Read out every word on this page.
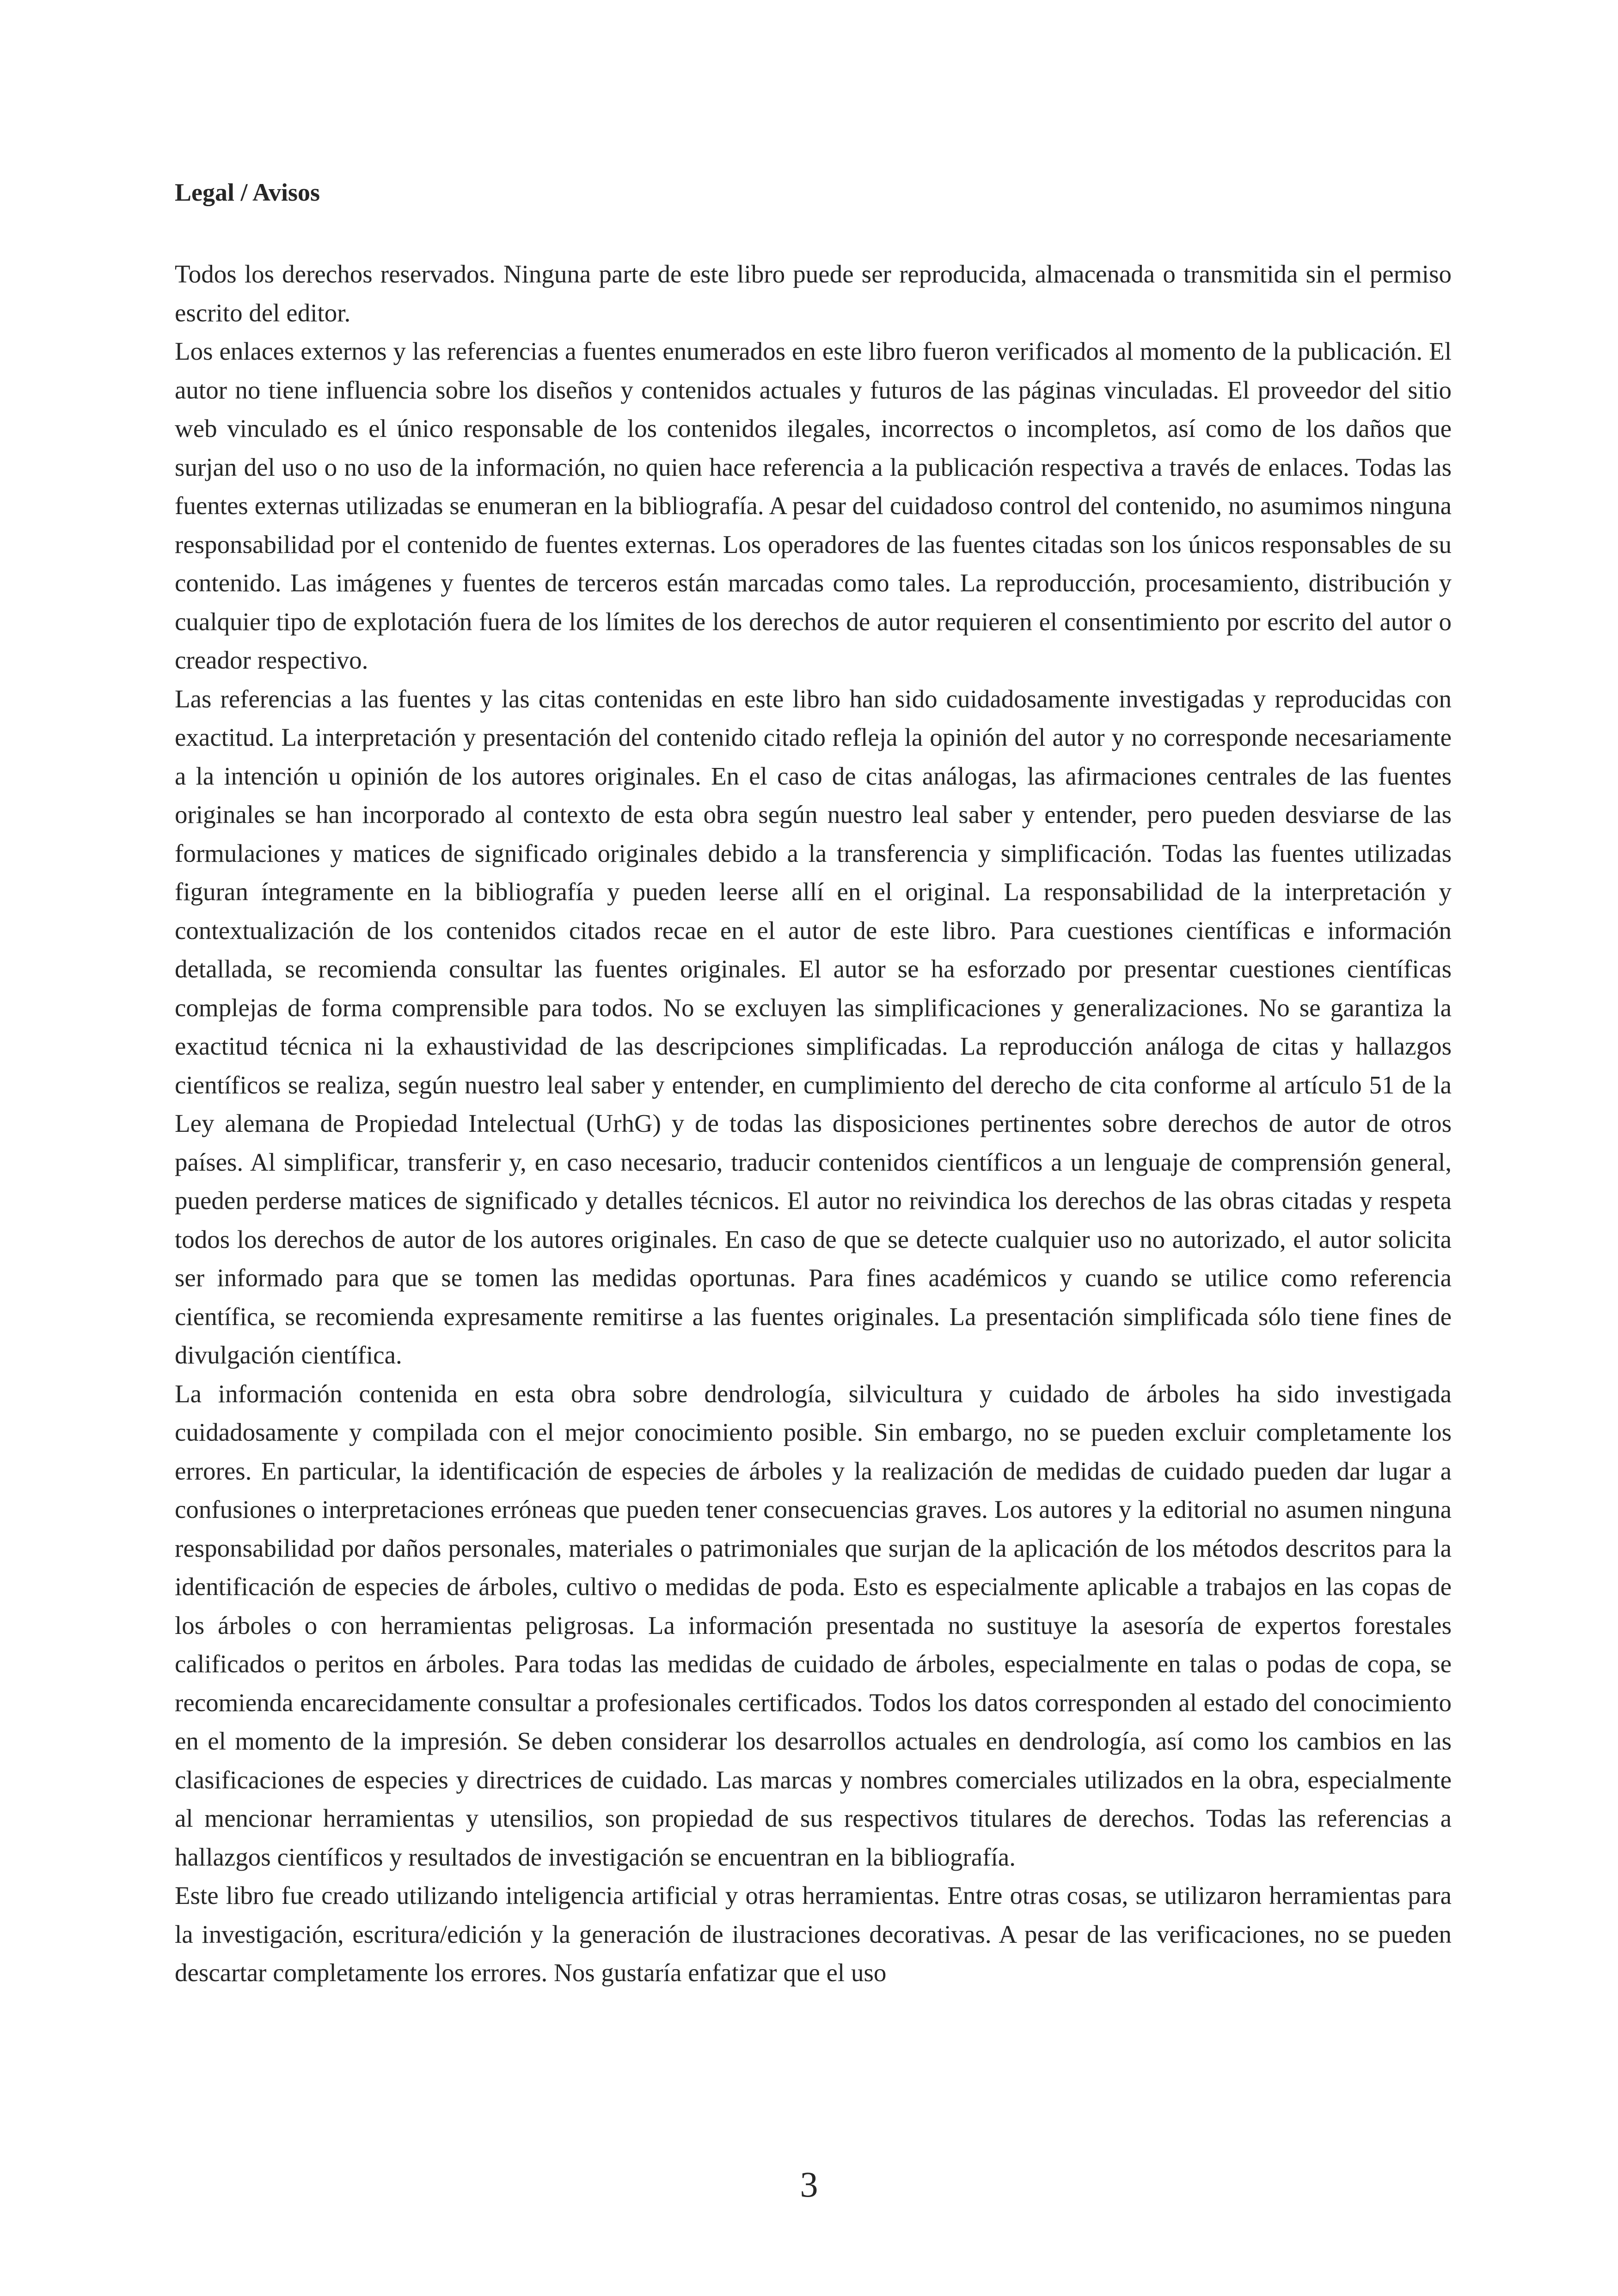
Legal / Avisos

Todos los derechos reservados. Ninguna parte de este libro puede ser reproducida, almacenada o transmitida sin el permiso escrito del editor.

Los enlaces externos y las referencias a fuentes enumerados en este libro fueron verificados al momento de la publicación. El autor no tiene influencia sobre los diseños y contenidos actuales y futuros de las páginas vinculadas. El proveedor del sitio web vinculado es el único responsable de los contenidos ilegales, incorrectos o incompletos, así como de los daños que surjan del uso o no uso de la información, no quien hace referencia a la publicación respectiva a través de enlaces. Todas las fuentes externas utilizadas se enumeran en la bibliografía. A pesar del cuidadoso control del contenido, no asumimos ninguna responsabilidad por el contenido de fuentes externas. Los operadores de las fuentes citadas son los únicos responsables de su contenido. Las imágenes y fuentes de terceros están marcadas como tales. La reproducción, procesamiento, distribución y cualquier tipo de explotación fuera de los límites de los derechos de autor requieren el consentimiento por escrito del autor o creador respectivo.

Las referencias a las fuentes y las citas contenidas en este libro han sido cuidadosamente investigadas y reproducidas con exactitud. La interpretación y presentación del contenido citado refleja la opinión del autor y no corresponde necesariamente a la intención u opinión de los autores originales. En el caso de citas análogas, las afirmaciones centrales de las fuentes originales se han incorporado al contexto de esta obra según nuestro leal saber y entender, pero pueden desviarse de las formulaciones y matices de significado originales debido a la transferencia y simplificación. Todas las fuentes utilizadas figuran íntegramente en la bibliografía y pueden leerse allí en el original. La responsabilidad de la interpretación y contextualización de los contenidos citados recae en el autor de este libro. Para cuestiones científicas e información detallada, se recomienda consultar las fuentes originales. El autor se ha esforzado por presentar cuestiones científicas complejas de forma comprensible para todos. No se excluyen las simplificaciones y generalizaciones. No se garantiza la exactitud técnica ni la exhaustividad de las descripciones simplificadas. La reproducción análoga de citas y hallazgos científicos se realiza, según nuestro leal saber y entender, en cumplimiento del derecho de cita conforme al artículo 51 de la Ley alemana de Propiedad Intelectual (UrhG) y de todas las disposiciones pertinentes sobre derechos de autor de otros países. Al simplificar, transferir y, en caso necesario, traducir contenidos científicos a un lenguaje de comprensión general, pueden perderse matices de significado y detalles técnicos. El autor no reivindica los derechos de las obras citadas y respeta todos los derechos de autor de los autores originales. En caso de que se detecte cualquier uso no autorizado, el autor solicita ser informado para que se tomen las medidas oportunas. Para fines académicos y cuando se utilice como referencia científica, se recomienda expresamente remitirse a las fuentes originales. La presentación simplificada sólo tiene fines de divulgación científica.

La información contenida en esta obra sobre dendrología, silvicultura y cuidado de árboles ha sido investigada cuidadosamente y compilada con el mejor conocimiento posible. Sin embargo, no se pueden excluir completamente los errores. En particular, la identificación de especies de árboles y la realización de medidas de cuidado pueden dar lugar a confusiones o interpretaciones erróneas que pueden tener consecuencias graves. Los autores y la editorial no asumen ninguna responsabilidad por daños personales, materiales o patrimoniales que surjan de la aplicación de los métodos descritos para la identificación de especies de árboles, cultivo o medidas de poda. Esto es especialmente aplicable a trabajos en las copas de los árboles o con herramientas peligrosas. La información presentada no sustituye la asesoría de expertos forestales calificados o peritos en árboles. Para todas las medidas de cuidado de árboles, especialmente en talas o podas de copa, se recomienda encarecidamente consultar a profesionales certificados. Todos los datos corresponden al estado del conocimiento en el momento de la impresión. Se deben considerar los desarrollos actuales en dendrología, así como los cambios en las clasificaciones de especies y directrices de cuidado. Las marcas y nombres comerciales utilizados en la obra, especialmente al mencionar herramientas y utensilios, son propiedad de sus respectivos titulares de derechos. Todas las referencias a hallazgos científicos y resultados de investigación se encuentran en la bibliografía.

Este libro fue creado utilizando inteligencia artificial y otras herramientas. Entre otras cosas, se utilizaron herramientas para la investigación, escritura/edición y la generación de ilustraciones decorativas. A pesar de las verificaciones, no se pueden descartar completamente los errores. Nos gustaría enfatizar que el uso

3
